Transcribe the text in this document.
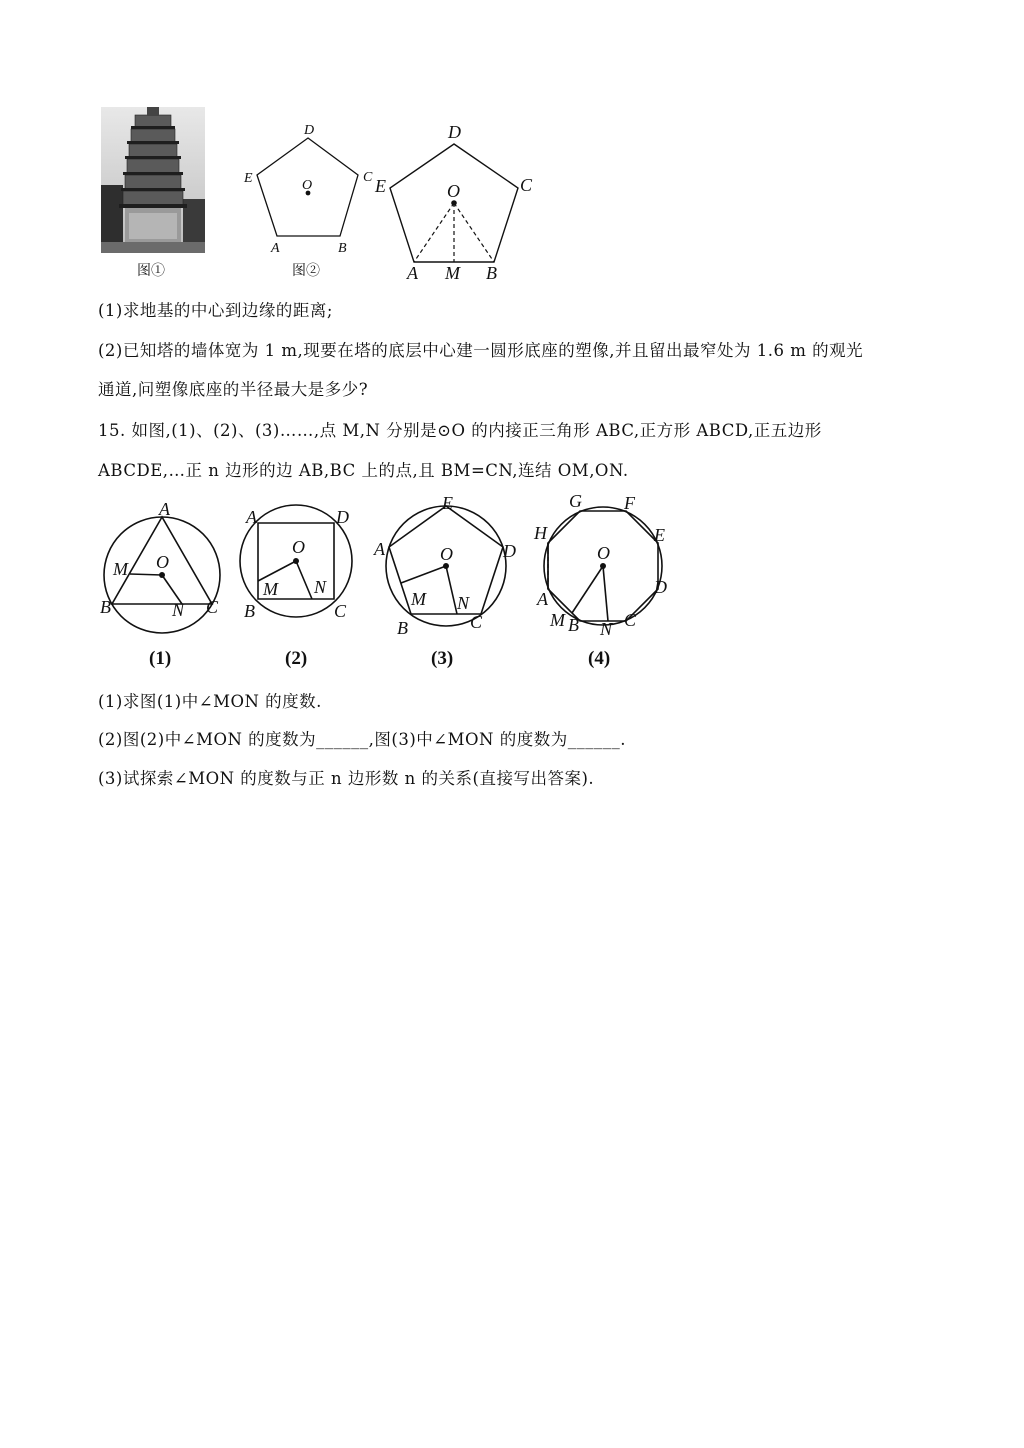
图①
D
E	C
O
A	B
图②
D
E	C
O
A M B
(1)求地基的中心到边缘的距离;
(2)已知塔的墙体宽为 1 m,现要在塔的底层中心建一圆形底座的塑像,并且留出最窄处为 1.6 m 的观光
通道,问塑像底座的半径最大是多少?
15. 如图,(1)、(2)、(3)……,点 M,N 分别是⊙O 的内接正三角形 ABC,正方形 ABCD,正五边形
ABCDE,…正 n 边形的边 AB,BC 上的点,且 BM=CN,连结 OM,ON.
A
O
M
B	N C
A	D
O
M N
B	C
E
A	O	D
M N
B	C
G F
H	E
O
D
A
M B N C
(1)	(2)	(3)	(4)
(1)求图(1)中∠MON 的度数.
(2)图(2)中∠MON 的度数为______,图(3)中∠MON 的度数为______.
(3)试探索∠MON 的度数与正 n 边形数 n 的关系(直接写出答案).
